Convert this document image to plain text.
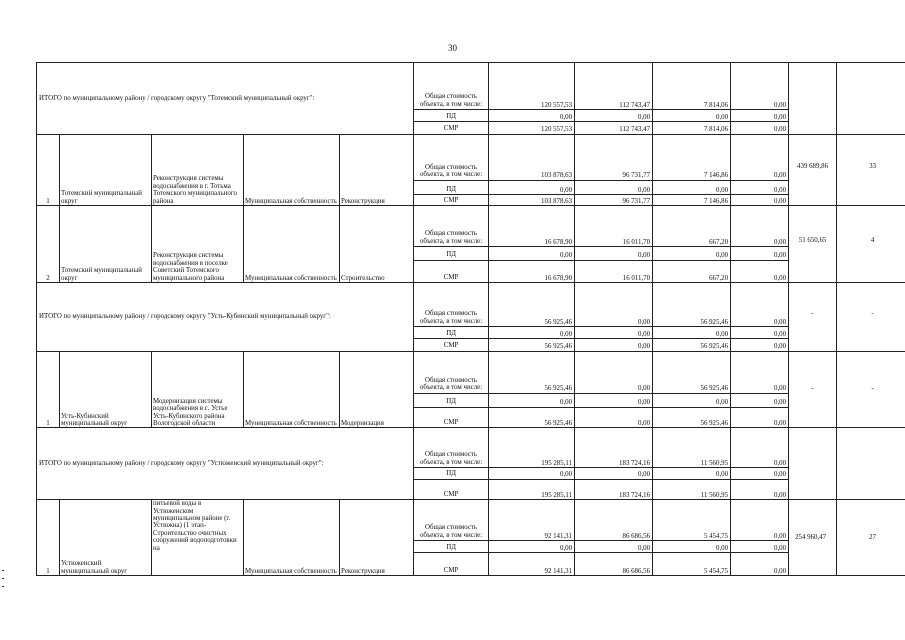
30
ИТОГО по муниципальному району / городскому округу "Тотемский муниципальный округ":					Общая стоимость объекта, в том числе:	120 557,53	112 743,47	7 814,06	0,00		
					ПД	0,00	0,00	0,00	0,00		
					СМР	120 557,53	112 743,47	7 814,06	0,00		
1	Тотемский муниципальный округ	Реконструкция системы водоснабжения в г. Тотьма Тотемского муниципального района	Муниципальная собственность	Реконструкция	Общая стоимость объекта, в том числе:	103 878,63	96 731,77	7 146,86	0,00	439 689,86	33
					ПД	0,00	0,00	0,00	0,00		
					СМР	103 878,63	96 731,77	7 146,86	0,00		
2	Тотемский муниципальный округ	Реконструкция системы водоснабжения в поселке Советский Тотемского муниципального района	Муниципальная собственность	Строительство	Общая стоимость объекта, в том числе:	16 678,90	16 011,70	667,20	0,00	51 650,65	4
					ПД	0,00	0,00	0,00	0,00		
					СМР	16 678,90	16 011,70	667,20	0,00		
ИТОГО по муниципальному району / городскому округу "Усть-Кубинский муниципальный округ":					Общая стоимость объекта, в том числе:	56 925,46	0,00	56 925,46	0,00	-	-
					ПД	0,00	0,00	0,00	0,00		
					СМР	56 925,46	0,00	56 925,46	0,00		
1	Усть-Кубинский муниципальный округ	Модернизация системы водоснабжения в с. Устье Усть-Кубинского района Вологодской области	Муниципальная собственность	Модернизация	Общая стоимость объекта, в том числе:	56 925,46	0,00	56 925,46	0,00	-	-
					ПД	0,00	0,00	0,00	0,00		
					СМР	56 925,46	0,00	56 925,46	0,00		
ИТОГО по муниципальному району / городскому округу "Устюженский муниципальный округ":					Общая стоимость объекта, в том числе:	195 285,11	183 724,16	11 560,95	0,00		
					ПД	0,00	0,00	0,00	0,00		
					СМР	195 285,11	183 724,16	11 560,95	0,00		
1	Устюженский муниципальный округ	питьевой воды в Устюженском муниципальном районе (г. Устюжна) (1 этап-Строительство очистных сооружений водоподготовки на	Муниципальная собственность	Реконструкция	Общая стоимость объекта, в том числе:	92 141,31	86 686,56	5 454,75	0,00	254 960,47	27
					ПД	0,00	0,00	0,00	0,00		
					СМР	92 141,31	86 686,56	5 454,75	0,00		
